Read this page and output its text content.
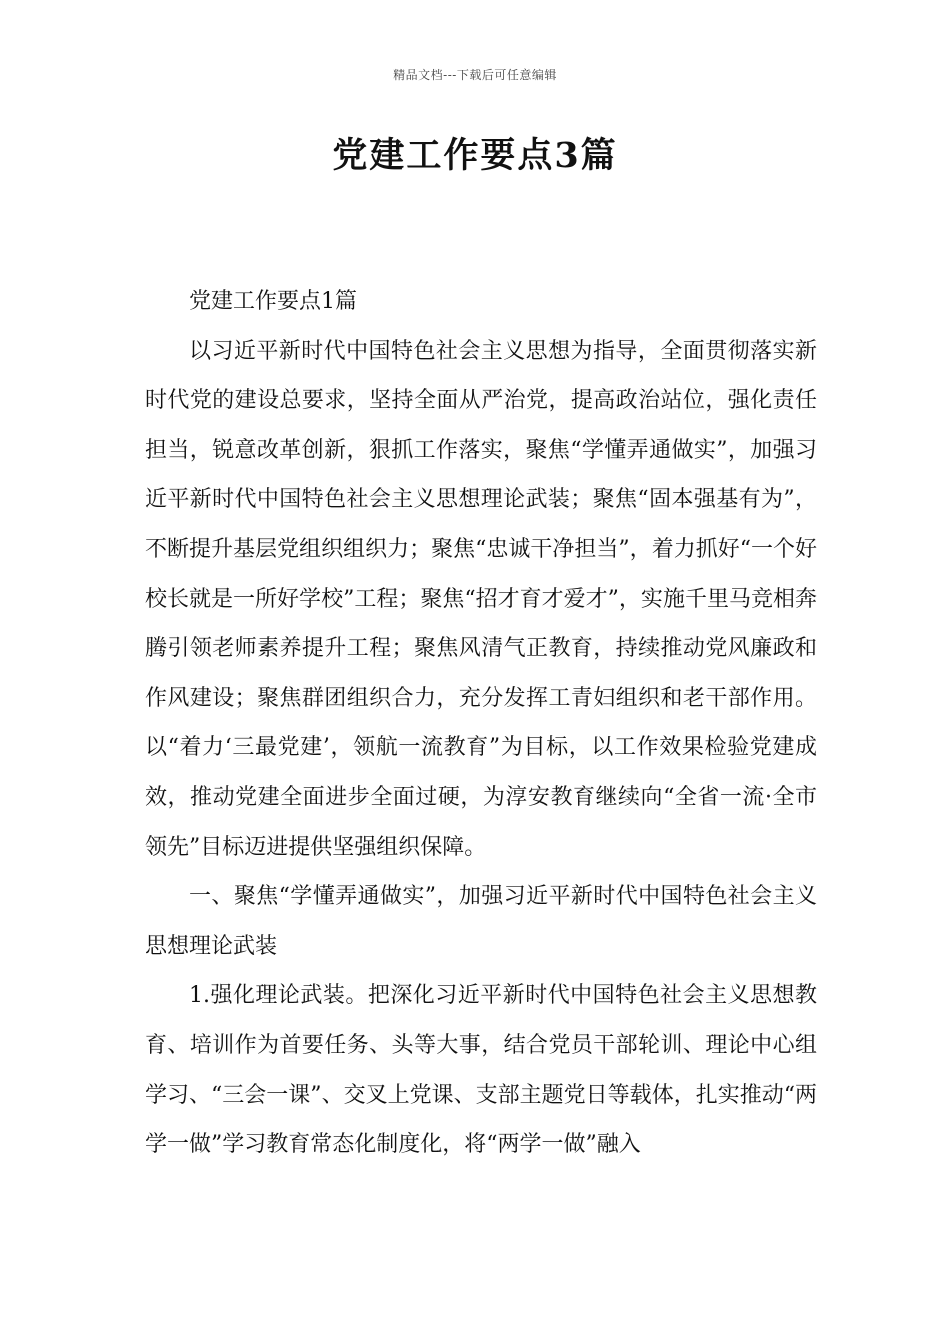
精品文档---下载后可任意编辑
党建工作要点3篇

党建工作要点1篇

以习近平新时代中国特色社会主义思想为指导，全面贯彻落实新时代党的建设总要求，坚持全面从严治党，提高政治站位，强化责任担当，锐意改革创新，狠抓工作落实，聚焦“学懂弄通做实”，加强习近平新时代中国特色社会主义思想理论武装；聚焦“固本强基有为”，不断提升基层党组织组织力；聚焦“忠诚干净担当”，着力抓好“一个好校长就是一所好学校”工程；聚焦“招才育才爱才”，实施千里马竞相奔腾引领老师素养提升工程；聚焦风清气正教育，持续推动党风廉政和作风建设；聚焦群团组织合力，充分发挥工青妇组织和老干部作用。以“着力‘三最党建’，领航一流教育”为目标，以工作效果检验党建成效，推动党建全面进步全面过硬，为淳安教育继续向“全省一流·全市领先”目标迈进提供坚强组织保障。

一、聚焦“学懂弄通做实”，加强习近平新时代中国特色社会主义思想理论武装

1.强化理论武装。把深化习近平新时代中国特色社会主义思想教育、培训作为首要任务、头等大事，结合党员干部轮训、理论中心组学习、“三会一课”、交叉上党课、支部主题党日等载体，扎实推动“两学一做”学习教育常态化制度化，将“两学一做”融入
